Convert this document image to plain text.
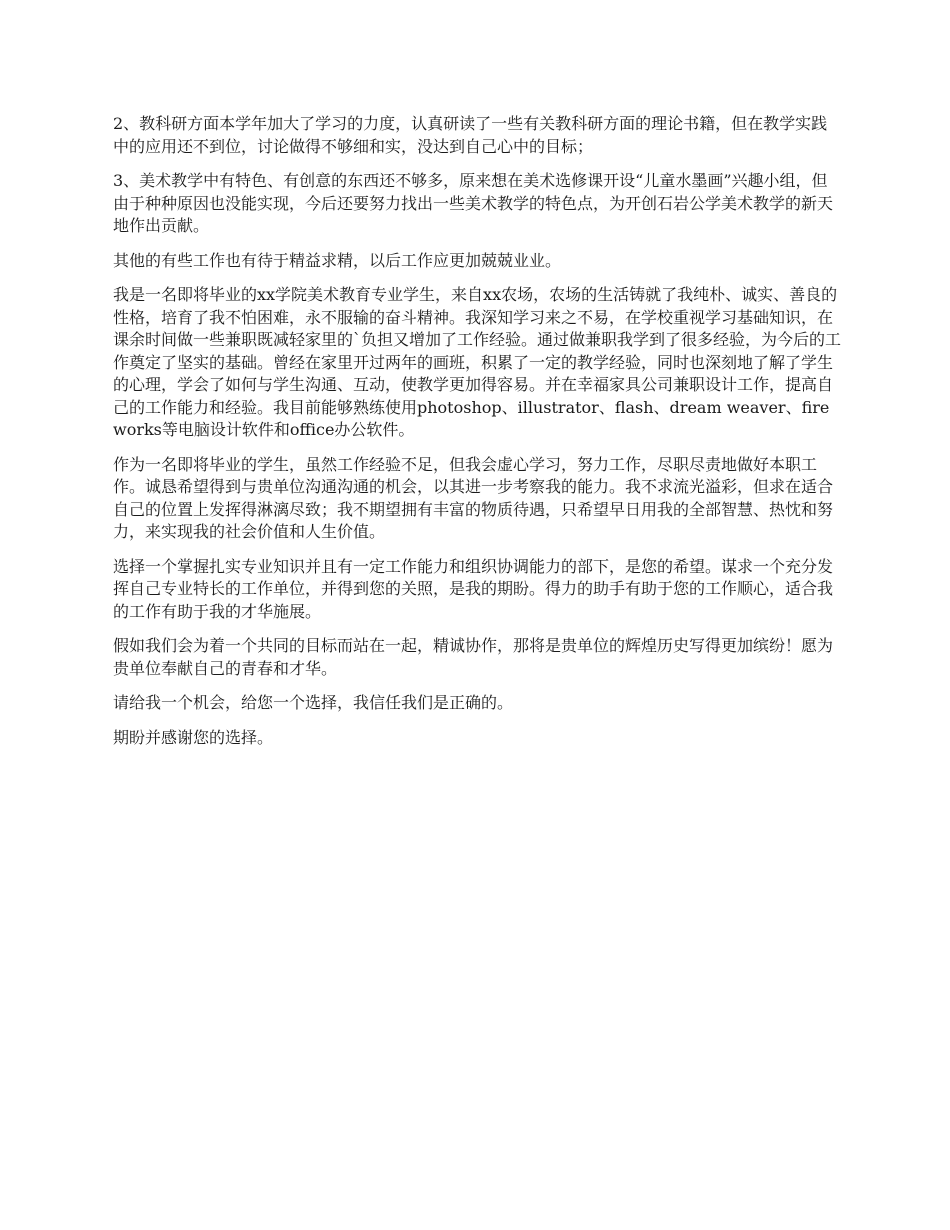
2、教科研方面本学年加大了学习的力度，认真研读了一些有关教科研方面的理论书籍，但在教学实践中的应用还不到位，讨论做得不够细和实，没达到自己心中的目标；

3、美术教学中有特色、有创意的东西还不够多，原来想在美术选修课开设“儿童水墨画”兴趣小组，但由于种种原因也没能实现，今后还要努力找出一些美术教学的特色点，为开创石岩公学美术教学的新天地作出贡献。

其他的有些工作也有待于精益求精，以后工作应更加兢兢业业。

我是一名即将毕业的xx学院美术教育专业学生，来自xx农场，农场的生活铸就了我纯朴、诚实、善良的性格，培育了我不怕困难，永不服输的奋斗精神。我深知学习来之不易，在学校重视学习基础知识，在课余时间做一些兼职既减轻家里的`负担又增加了工作经验。通过做兼职我学到了很多经验，为今后的工作奠定了坚实的基础。曾经在家里开过两年的画班，积累了一定的教学经验，同时也深刻地了解了学生的心理，学会了如何与学生沟通、互动，使教学更加得容易。并在幸福家具公司兼职设计工作，提高自己的工作能力和经验。我目前能够熟练使用photoshop、illustrator、flash、dream weaver、fireworks等电脑设计软件和office办公软件。

作为一名即将毕业的学生，虽然工作经验不足，但我会虚心学习，努力工作，尽职尽责地做好本职工作。诚恳希望得到与贵单位沟通沟通的机会，以其进一步考察我的能力。我不求流光溢彩，但求在适合自己的位置上发挥得淋漓尽致；我不期望拥有丰富的物质待遇，只希望早日用我的全部智慧、热忱和努力，来实现我的社会价值和人生价值。

选择一个掌握扎实专业知识并且有一定工作能力和组织协调能力的部下，是您的希望。谋求一个充分发挥自己专业特长的工作单位，并得到您的关照，是我的期盼。得力的助手有助于您的工作顺心，适合我的工作有助于我的才华施展。

假如我们会为着一个共同的目标而站在一起，精诚协作，那将是贵单位的辉煌历史写得更加缤纷！愿为贵单位奉献自己的青春和才华。

请给我一个机会，给您一个选择，我信任我们是正确的。

期盼并感谢您的选择。
